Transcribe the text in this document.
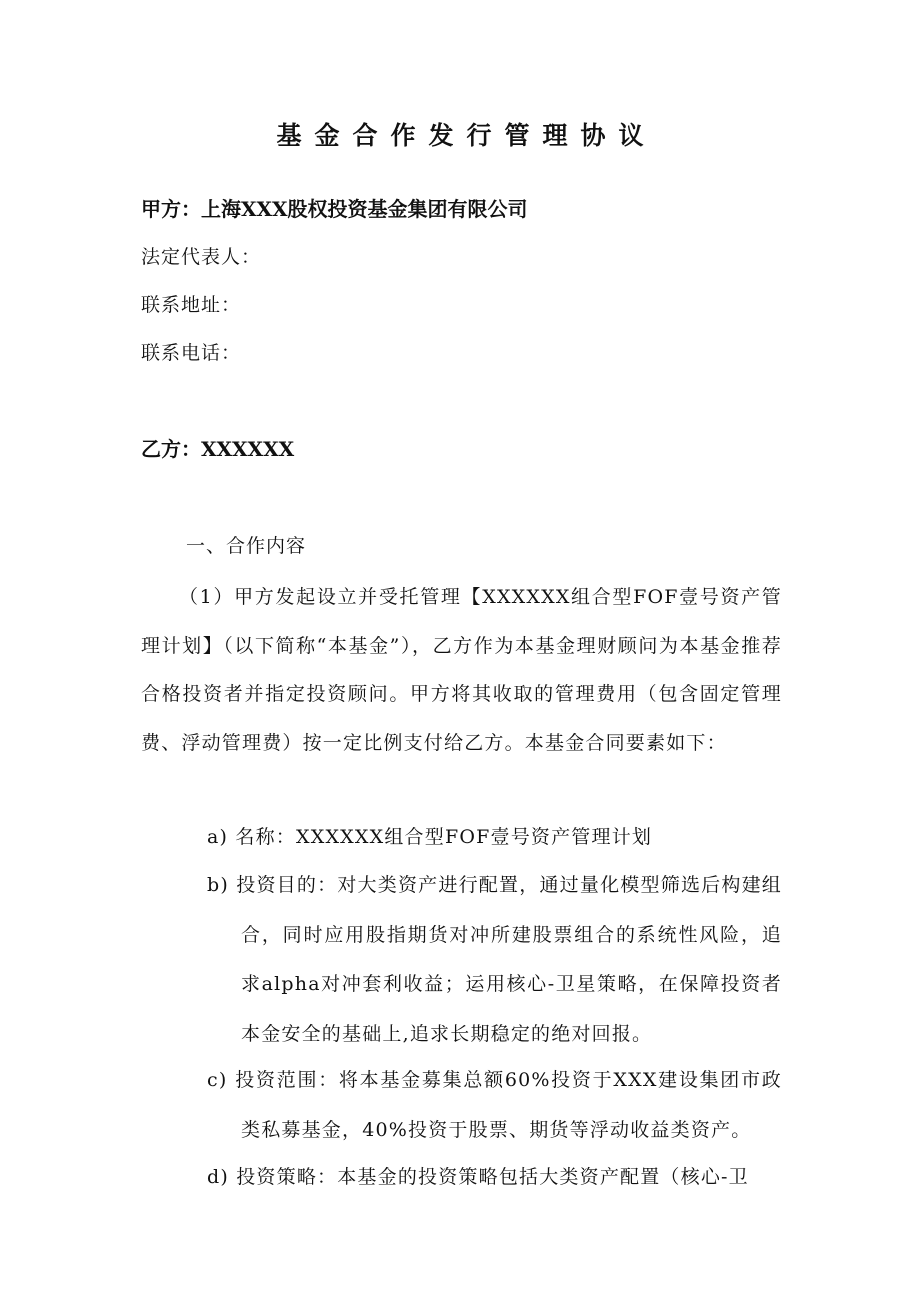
基金合作发行管理协议
甲方：上海XXX股权投资基金集团有限公司
法定代表人：
联系地址：
联系电话：
乙方：XXXXXX
一、合作内容
（1）甲方发起设立并受托管理【XXXXXX组合型FOF壹号资产管理计划】（以下简称“本基金”），乙方作为本基金理财顾问为本基金推荐合格投资者并指定投资顾问。甲方将其收取的管理费用（包含固定管理费、浮动管理费）按一定比例支付给乙方。本基金合同要素如下：
a) 名称：XXXXXX组合型FOF壹号资产管理计划
b) 投资目的：对大类资产进行配置，通过量化模型筛选后构建组合，同时应用股指期货对冲所建股票组合的系统性风险，追求alpha对冲套利收益；运用核心-卫星策略，在保障投资者本金安全的基础上,追求长期稳定的绝对回报。
c) 投资范围：将本基金募集总额60%投资于XXX建设集团市政类私募基金，40%投资于股票、期货等浮动收益类资产。
d) 投资策略：本基金的投资策略包括大类资产配置（核心-卫
